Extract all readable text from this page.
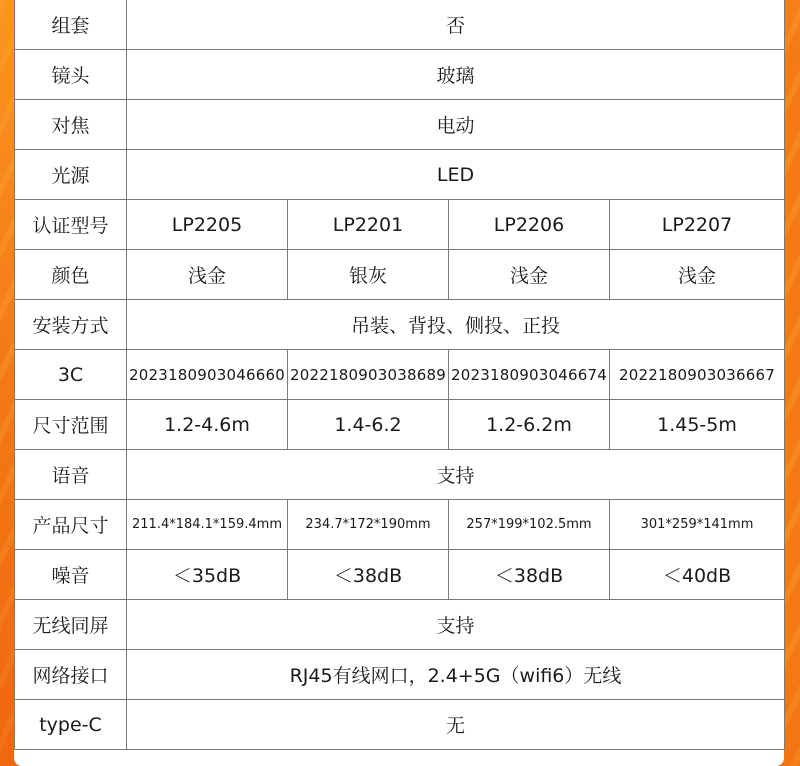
组套	否			
镜头	玻璃			
对焦	电动			
光源	LED			
认证型号	LP2205	LP2201	LP2206	LP2207
颜色	浅金	银灰	浅金	浅金
安装方式	吊装、背投、侧投、正投			
3C	2023180903046660	2022180903038689	2023180903046674	2022180903036667
尺寸范围	1.2-4.6m	1.4-6.2	1.2-6.2m	1.45-5m
语音	支持			
产品尺寸	211.4*184.1*159.4mm	234.7*172*190mm	257*199*102.5mm	301*259*141mm
噪音	＜35dB	＜38dB	＜38dB	＜40dB
无线同屏	支持			
网络接口	RJ45有线网口，2.4+5G（wifi6）无线			
type-C	无			
